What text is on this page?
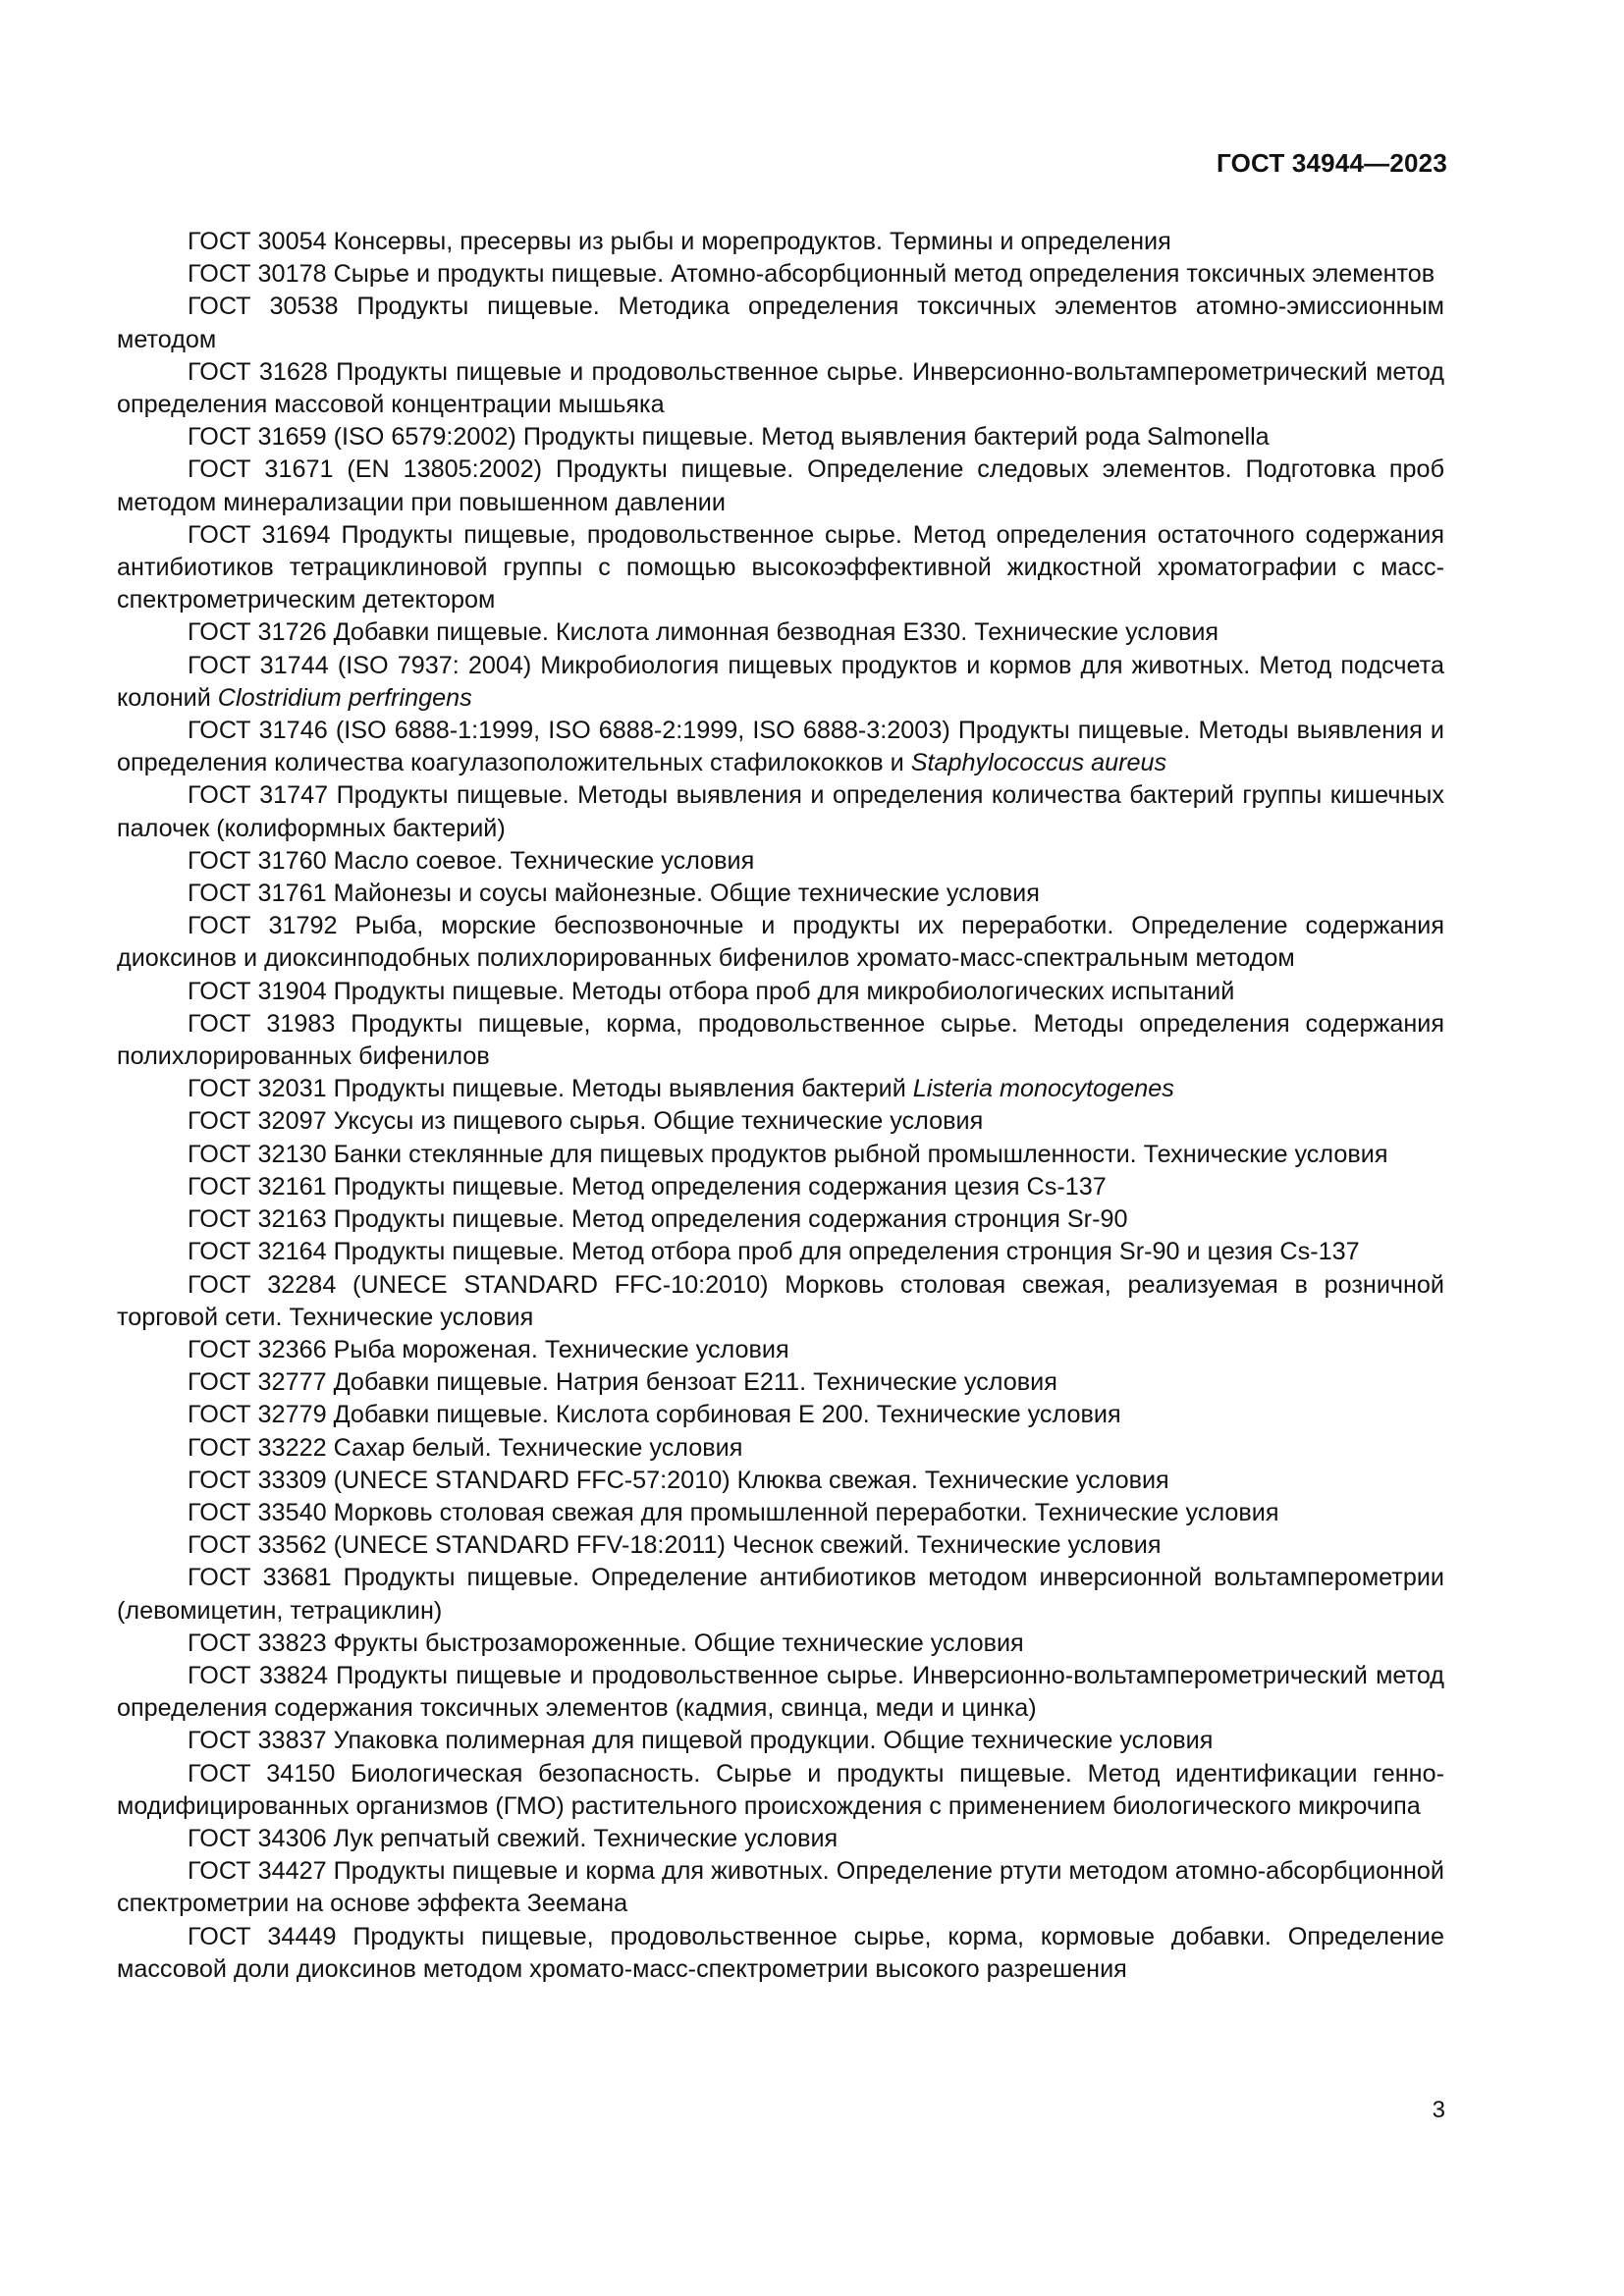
ГОСТ 34944—2023

ГОСТ 30054 Консервы, пресервы из рыбы и морепродуктов. Термины и определения

ГОСТ 30178 Сырье и продукты пищевые. Атомно-абсорбционный метод определения токсичных элементов

ГОСТ 30538 Продукты пищевые. Методика определения токсичных элементов атомно-эмиссионным методом

ГОСТ 31628 Продукты пищевые и продовольственное сырье. Инверсионно-вольтамперометрический метод определения массовой концентрации мышьяка

ГОСТ 31659 (ISO 6579:2002) Продукты пищевые. Метод выявления бактерий рода Salmonella

ГОСТ 31671 (EN 13805:2002) Продукты пищевые. Определение следовых элементов. Подготовка проб методом минерализации при повышенном давлении

ГОСТ 31694 Продукты пищевые, продовольственное сырье. Метод определения остаточного содержания антибиотиков тетрациклиновой группы с помощью высокоэффективной жидкостной хроматографии с масс-спектрометрическим детектором

ГОСТ 31726 Добавки пищевые. Кислота лимонная безводная Е330. Технические условия

ГОСТ 31744 (ISO 7937: 2004) Микробиология пищевых продуктов и кормов для животных. Метод подсчета колоний Clostridium perfringens

ГОСТ 31746 (ISO 6888-1:1999, ISO 6888-2:1999, ISO 6888-3:2003) Продукты пищевые. Методы выявления и определения количества коагулазоположительных стафилококков и Staphylococcus aureus

ГОСТ 31747 Продукты пищевые. Методы выявления и определения количества бактерий группы кишечных палочек (колиформных бактерий)

ГОСТ 31760 Масло соевое. Технические условия

ГОСТ 31761 Майонезы и соусы майонезные. Общие технические условия

ГОСТ 31792 Рыба, морские беспозвоночные и продукты их переработки. Определение содержания диоксинов и диоксинподобных полихлорированных бифенилов хромато-масс-спектральным методом

ГОСТ 31904 Продукты пищевые. Методы отбора проб для микробиологических испытаний

ГОСТ 31983 Продукты пищевые, корма, продовольственное сырье. Методы определения содержания полихлорированных бифенилов

ГОСТ 32031 Продукты пищевые. Методы выявления бактерий Listeria monocytogenes

ГОСТ 32097 Уксусы из пищевого сырья. Общие технические условия

ГОСТ 32130 Банки стеклянные для пищевых продуктов рыбной промышленности. Технические условия

ГОСТ 32161 Продукты пищевые. Метод определения содержания цезия Cs-137

ГОСТ 32163 Продукты пищевые. Метод определения содержания стронция Sr-90

ГОСТ 32164 Продукты пищевые. Метод отбора проб для определения стронция Sr-90 и цезия Cs-137

ГОСТ 32284 (UNECE STANDARD FFC-10:2010) Морковь столовая свежая, реализуемая в розничной торговой сети. Технические условия

ГОСТ 32366 Рыба мороженая. Технические условия

ГОСТ 32777 Добавки пищевые. Натрия бензоат Е211. Технические условия

ГОСТ 32779 Добавки пищевые. Кислота сорбиновая Е 200. Технические условия

ГОСТ 33222 Сахар белый. Технические условия

ГОСТ 33309 (UNECE STANDARD FFC-57:2010) Клюква свежая. Технические условия

ГОСТ 33540 Морковь столовая свежая для промышленной переработки. Технические условия

ГОСТ 33562 (UNECE STANDARD FFV-18:2011) Чеснок свежий. Технические условия

ГОСТ 33681 Продукты пищевые. Определение антибиотиков методом инверсионной вольтамперометрии (левомицетин, тетрациклин)

ГОСТ 33823 Фрукты быстрозамороженные. Общие технические условия

ГОСТ 33824 Продукты пищевые и продовольственное сырье. Инверсионно-вольтамперометрический метод определения содержания токсичных элементов (кадмия, свинца, меди и цинка)

ГОСТ 33837 Упаковка полимерная для пищевой продукции. Общие технические условия

ГОСТ 34150 Биологическая безопасность. Сырье и продукты пищевые. Метод идентификации генно-модифицированных организмов (ГМО) растительного происхождения с применением биологического микрочипа

ГОСТ 34306 Лук репчатый свежий. Технические условия

ГОСТ 34427 Продукты пищевые и корма для животных. Определение ртути методом атомно-абсорбционной спектрометрии на основе эффекта Зеемана

ГОСТ 34449 Продукты пищевые, продовольственное сырье, корма, кормовые добавки. Определение массовой доли диоксинов методом хромато-масс-спектрометрии высокого разрешения

3
